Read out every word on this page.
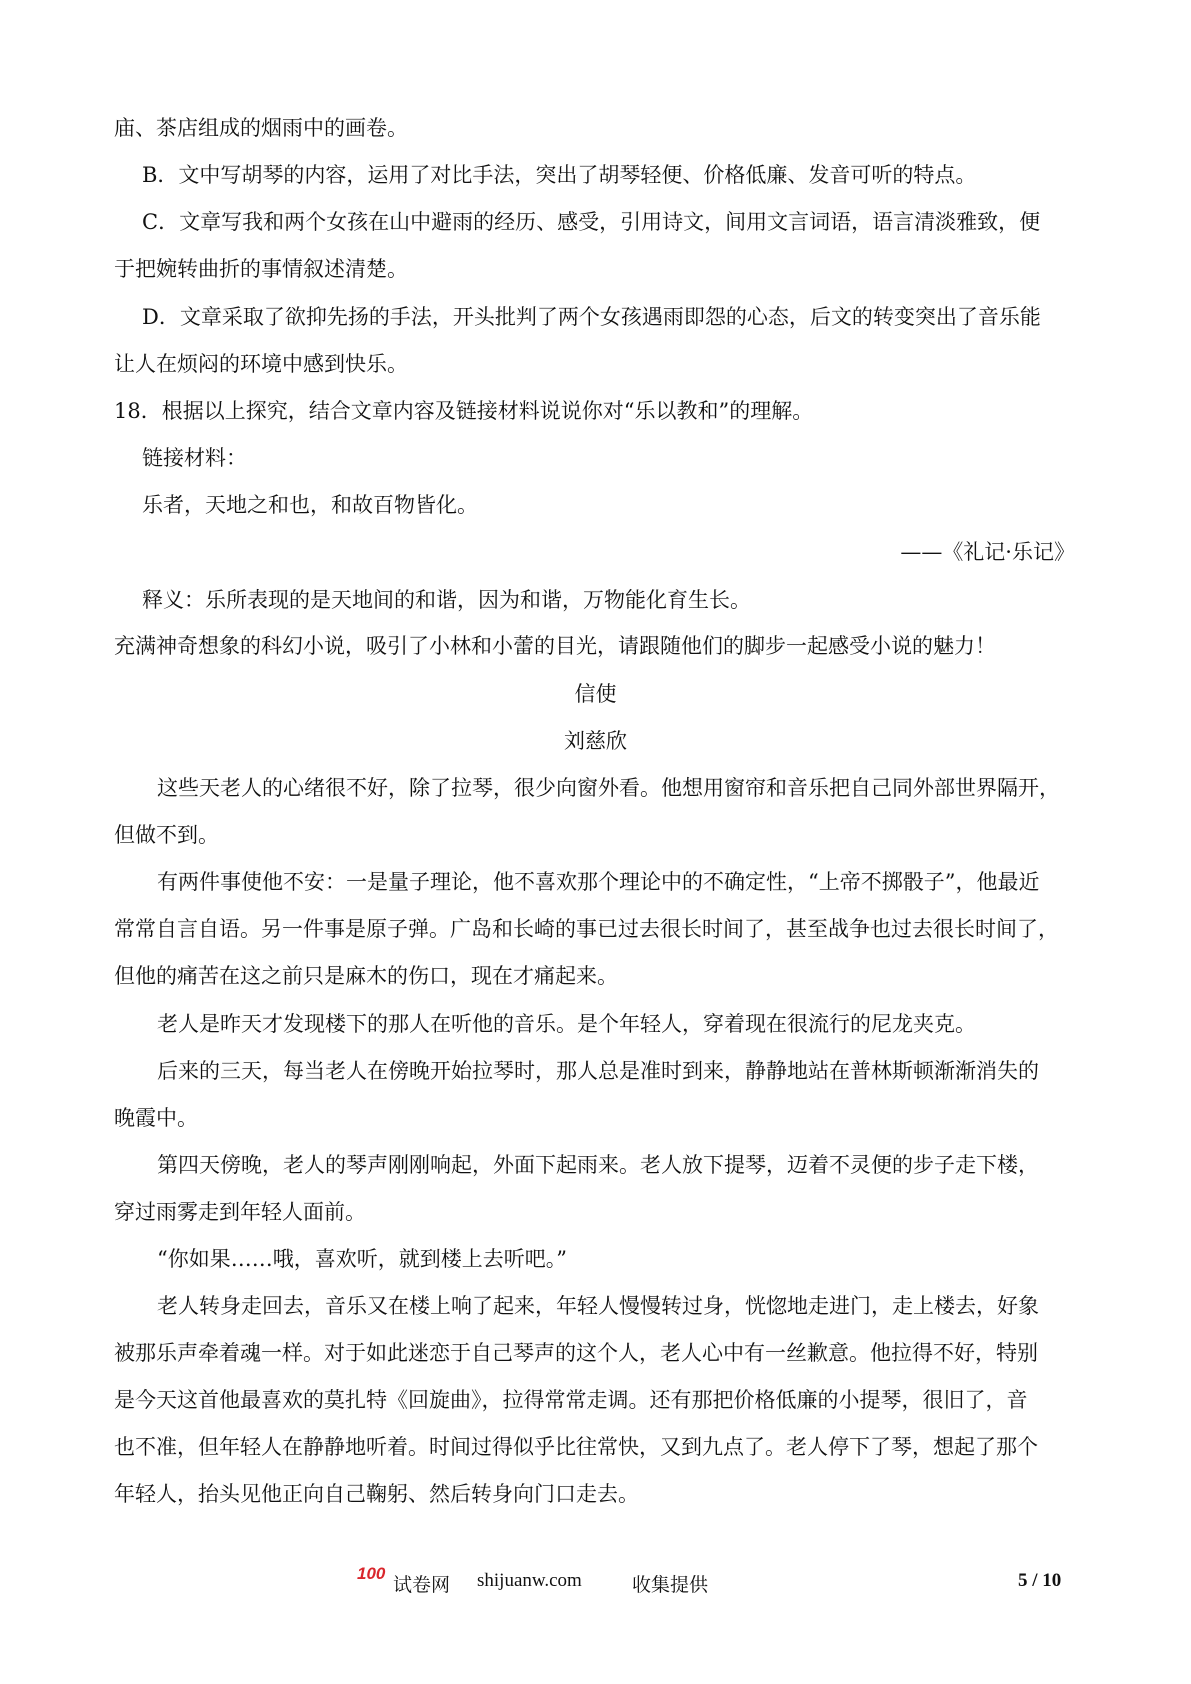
庙、茶店组成的烟雨中的画卷。
B．文中写胡琴的内容，运用了对比手法，突出了胡琴轻便、价格低廉、发音可听的特点。
C．文章写我和两个女孩在山中避雨的经历、感受，引用诗文，间用文言词语，语言清淡雅致，便
于把婉转曲折的事情叙述清楚。
D．文章采取了欲抑先扬的手法，开头批判了两个女孩遇雨即怨的心态，后文的转变突出了音乐能
让人在烦闷的环境中感到快乐。
18．根据以上探究，结合文章内容及链接材料说说你对“乐以教和”的理解。
链接材料：
乐者，天地之和也，和故百物皆化。
——《礼记·乐记》
释义：乐所表现的是天地间的和谐，因为和谐，万物能化育生长。
充满神奇想象的科幻小说，吸引了小林和小蕾的目光，请跟随他们的脚步一起感受小说的魅力！
信使
刘慈欣
这些天老人的心绪很不好，除了拉琴，很少向窗外看。他想用窗帘和音乐把自己同外部世界隔开，
但做不到。
有两件事使他不安：一是量子理论，他不喜欢那个理论中的不确定性，“上帝不掷骰子”，他最近
常常自言自语。另一件事是原子弹。广岛和长崎的事已过去很长时间了，甚至战争也过去很长时间了，
但他的痛苦在这之前只是麻木的伤口，现在才痛起来。
老人是昨天才发现楼下的那人在听他的音乐。是个年轻人，穿着现在很流行的尼龙夹克。
后来的三天，每当老人在傍晚开始拉琴时，那人总是准时到来，静静地站在普林斯顿渐渐消失的
晚霞中。
第四天傍晚，老人的琴声刚刚响起，外面下起雨来。老人放下提琴，迈着不灵便的步子走下楼，
穿过雨雾走到年轻人面前。
“你如果……哦，喜欢听，就到楼上去听吧。”
老人转身走回去，音乐又在楼上响了起来，年轻人慢慢转过身，恍惚地走进门，走上楼去，好象
被那乐声牵着魂一样。对于如此迷恋于自己琴声的这个人，老人心中有一丝歉意。他拉得不好，特别
是今天这首他最喜欢的莫扎特《回旋曲》，拉得常常走调。还有那把价格低廉的小提琴，很旧了，音
也不准，但年轻人在静静地听着。时间过得似乎比往常快，又到九点了。老人停下了琴，想起了那个
年轻人，抬头见他正向自己鞠躬、然后转身向门口走去。
100
试卷网 shijuanw.com	收集提供	5 / 10
